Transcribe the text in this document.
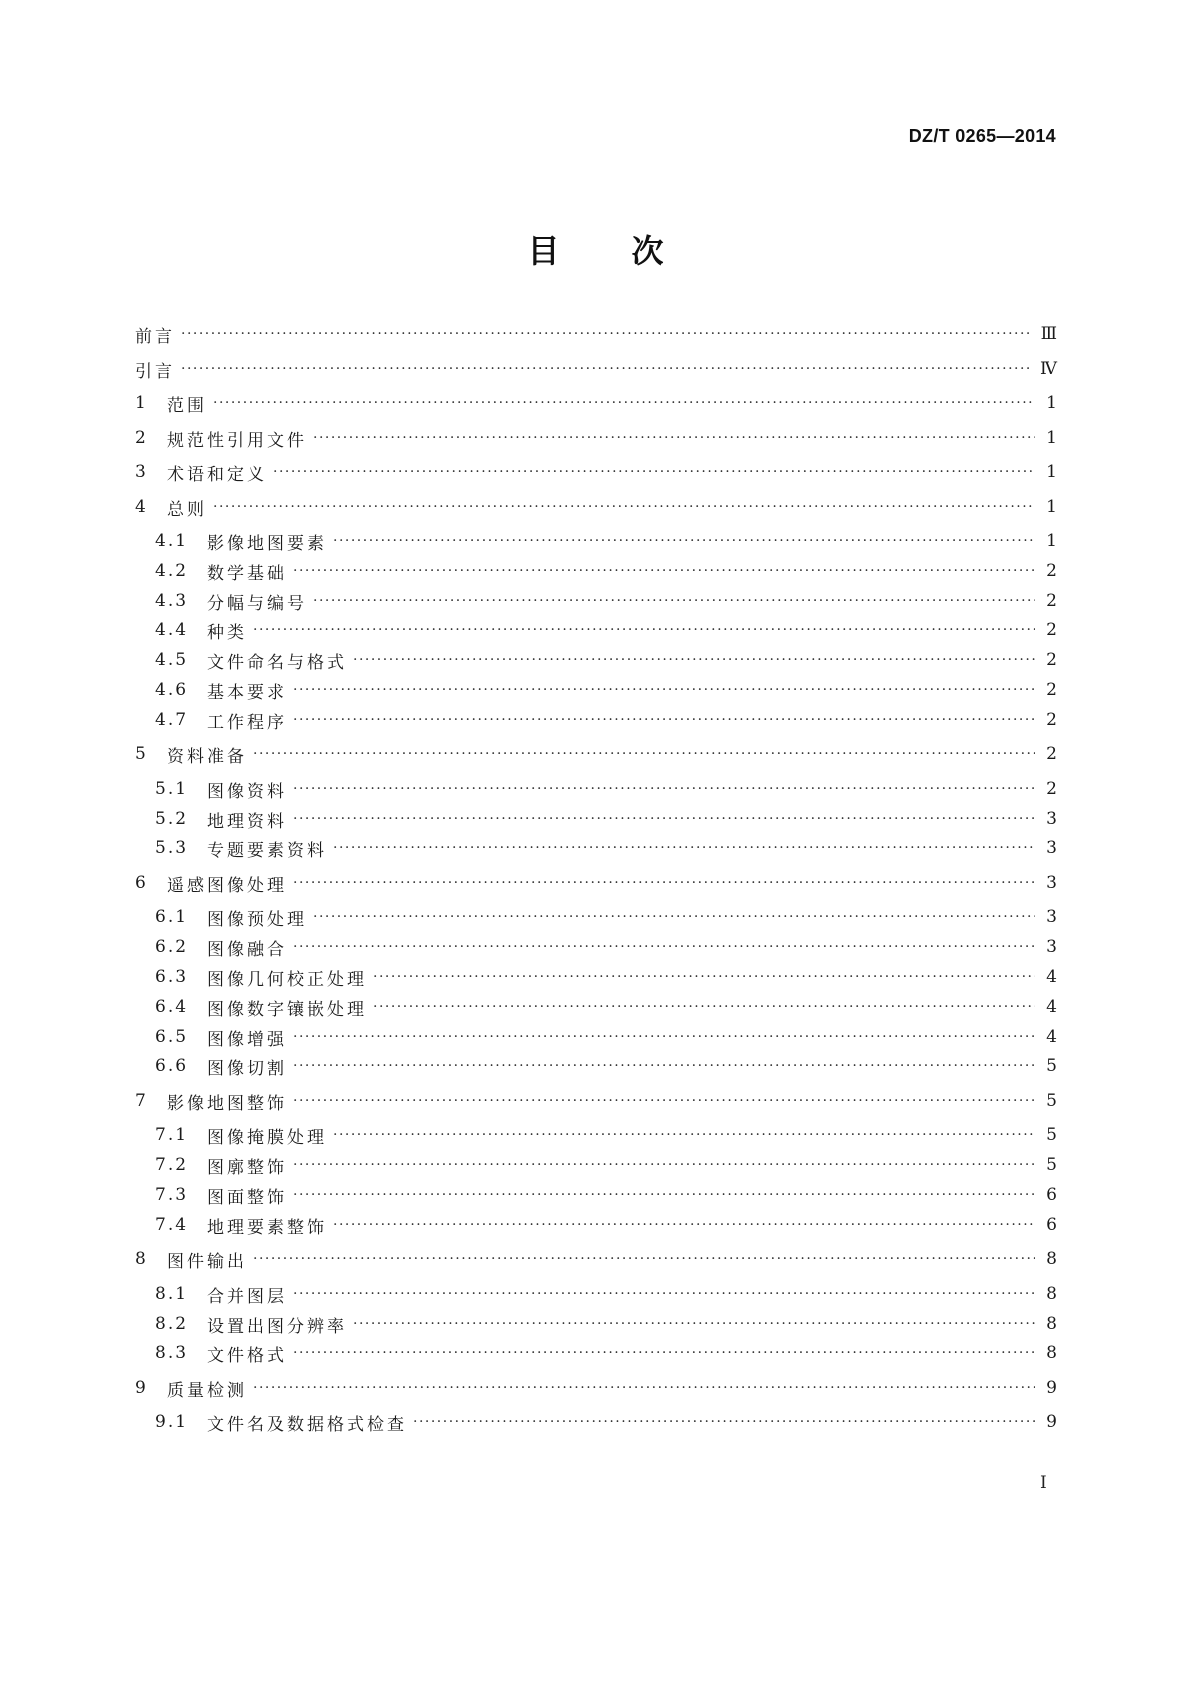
DZ/T 0265—2014
目 次
前言 ·····	Ⅲ
引言 ·····	Ⅳ
1	范围 ·····	1
2	规范性引用文件 ·····	1
3	术语和定义 ·····	1
4	总则 ·····	1
4.1	影像地图要素 ·····	1
4.2	数学基础 ·····	2
4.3	分幅与编号 ·····	2
4.4	种类 ·····	2
4.5	文件命名与格式 ·····	2
4.6	基本要求 ·····	2
4.7	工作程序 ·····	2
5	资料准备 ·····	2
5.1	图像资料 ·····	2
5.2	地理资料 ·····	3
5.3	专题要素资料 ·····	3
6	遥感图像处理 ·····	3
6.1	图像预处理 ·····	3
6.2	图像融合 ·····	3
6.3	图像几何校正处理 ·····	4
6.4	图像数字镶嵌处理 ·····	4
6.5	图像增强 ·····	4
6.6	图像切割 ·····	5
7	影像地图整饰 ·····	5
7.1	图像掩膜处理 ·····	5
7.2	图廓整饰 ·····	5
7.3	图面整饰 ·····	6
7.4	地理要素整饰 ·····	6
8	图件输出 ·····	8
8.1	合并图层 ·····	8
8.2	设置出图分辨率 ·····	8
8.3	文件格式 ·····	8
9	质量检测 ·····	9
9.1	文件名及数据格式检查 ·····	9
I
